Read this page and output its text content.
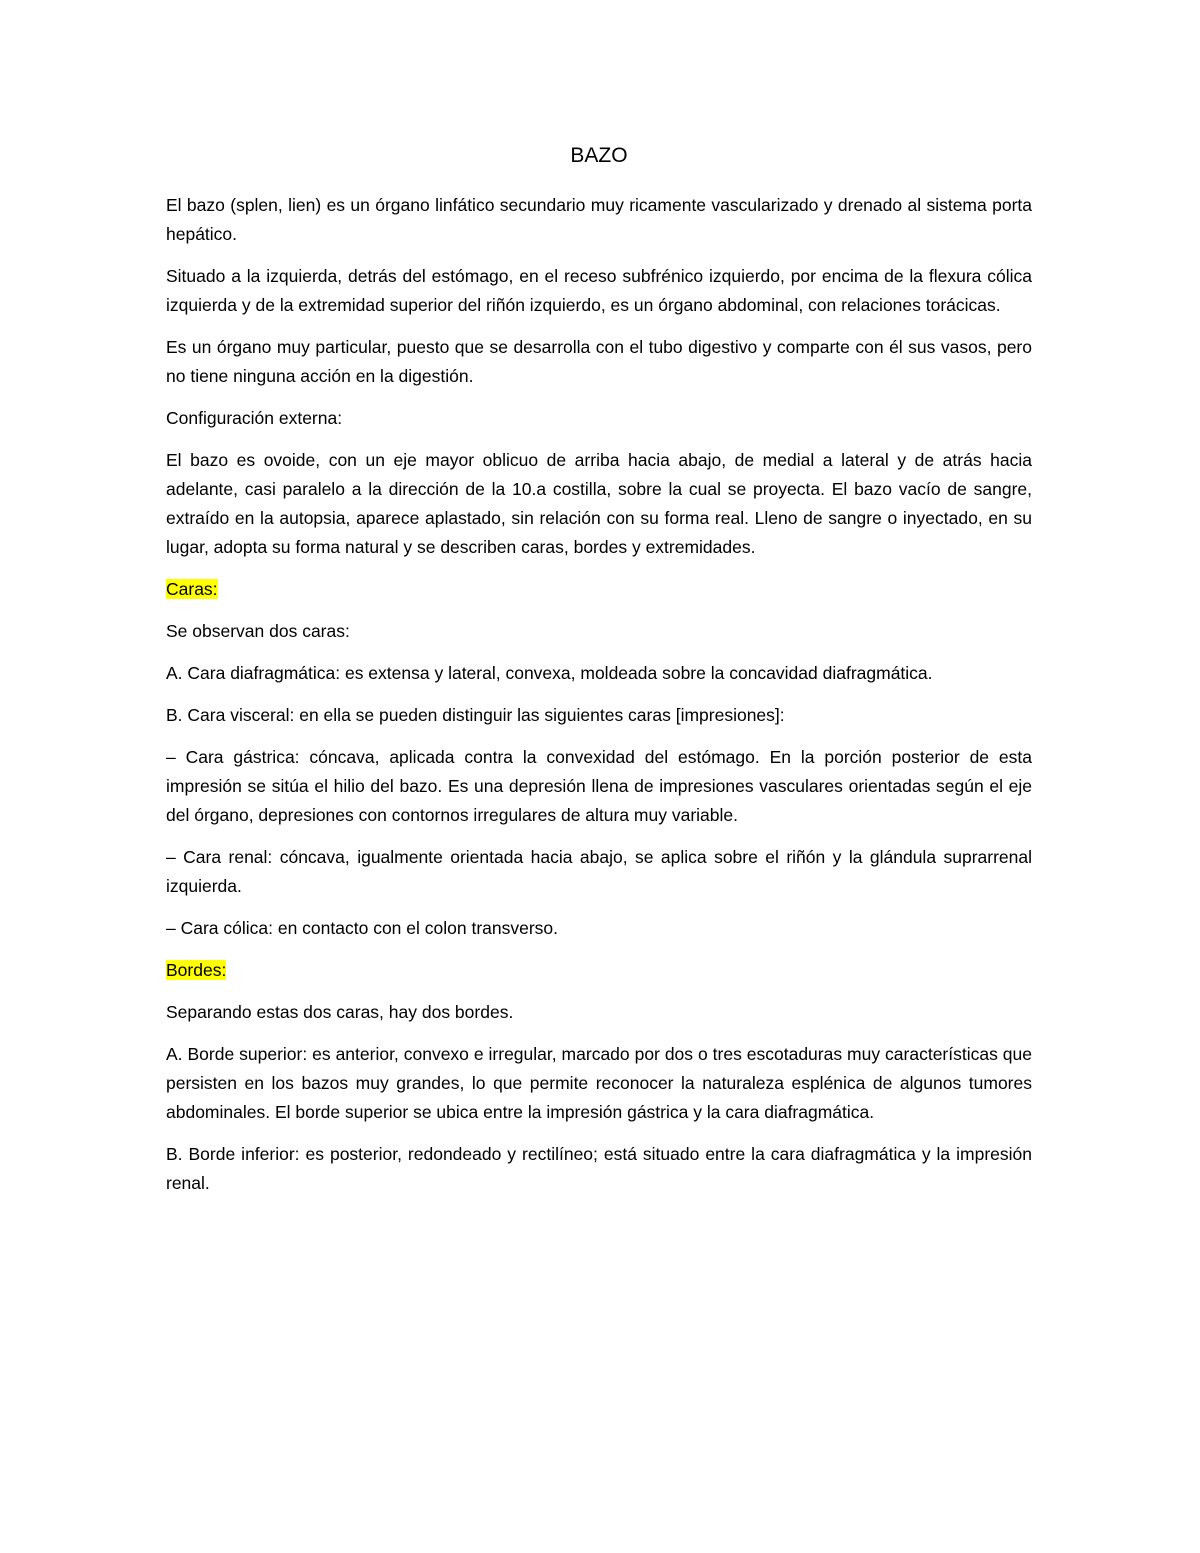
BAZO

El bazo (splen, lien) es un órgano linfático secundario muy ricamente vascularizado y drenado al sistema porta hepático.

Situado a la izquierda, detrás del estómago, en el receso subfrénico izquierdo, por encima de la flexura cólica izquierda y de la extremidad superior del riñón izquierdo, es un órgano abdominal, con relaciones torácicas.

Es un órgano muy particular, puesto que se desarrolla con el tubo digestivo y comparte con él sus vasos, pero no tiene ninguna acción en la digestión.

Configuración externa:

El bazo es ovoide, con un eje mayor oblicuo de arriba hacia abajo, de medial a lateral y de atrás hacia adelante, casi paralelo a la dirección de la 10.a costilla, sobre la cual se proyecta. El bazo vacío de sangre, extraído en la autopsia, aparece aplastado, sin relación con su forma real. Lleno de sangre o inyectado, en su lugar, adopta su forma natural y se describen caras, bordes y extremidades.

Caras:

Se observan dos caras:

A. Cara diafragmática: es extensa y lateral, convexa, moldeada sobre la concavidad diafragmática.

B. Cara visceral: en ella se pueden distinguir las siguientes caras [impresiones]:

– Cara gástrica: cóncava, aplicada contra la convexidad del estómago. En la porción posterior de esta impresión se sitúa el hilio del bazo. Es una depresión llena de impresiones vasculares orientadas según el eje del órgano, depresiones con contornos irregulares de altura muy variable.

– Cara renal: cóncava, igualmente orientada hacia abajo, se aplica sobre el riñón y la glándula suprarrenal izquierda.

– Cara cólica: en contacto con el colon transverso.

Bordes:

Separando estas dos caras, hay dos bordes.

A. Borde superior: es anterior, convexo e irregular, marcado por dos o tres escotaduras muy características que persisten en los bazos muy grandes, lo que permite reconocer la naturaleza esplénica de algunos tumores abdominales. El borde superior se ubica entre la impresión gástrica y la cara diafragmática.

B. Borde inferior: es posterior, redondeado y rectilíneo; está situado entre la cara diafragmática y la impresión renal.
